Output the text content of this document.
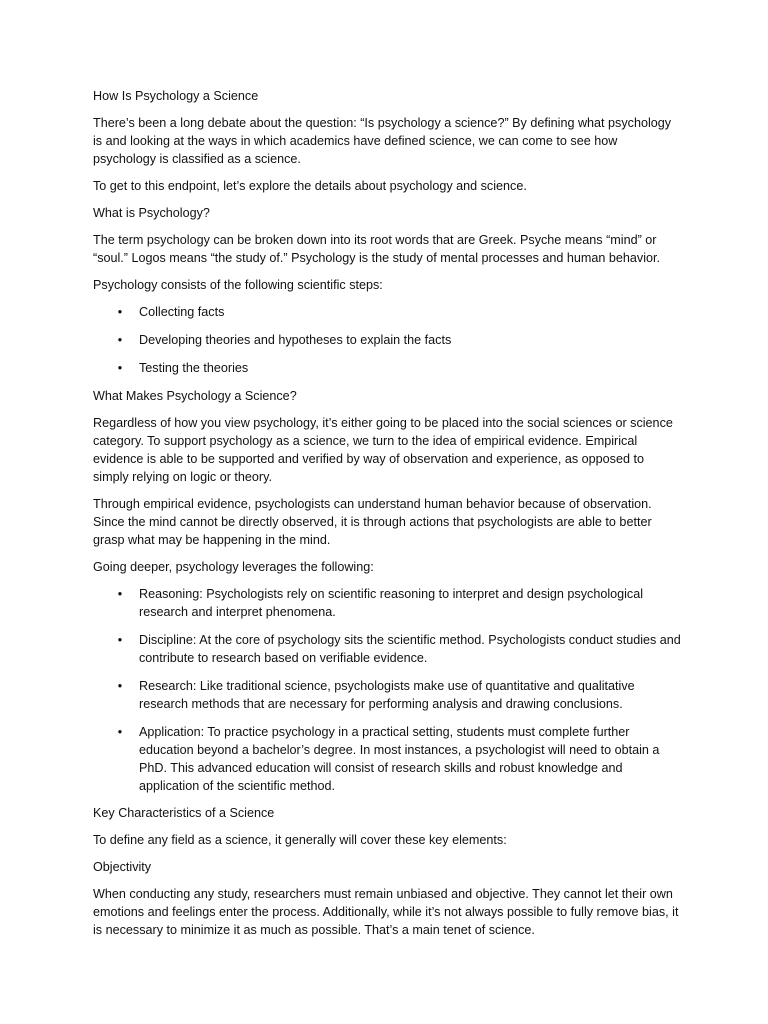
How Is Psychology a Science

There’s been a long debate about the question: “Is psychology a science?” By defining what psychology is and looking at the ways in which academics have defined science, we can come to see how psychology is classified as a science.

To get to this endpoint, let’s explore the details about psychology and science.

What is Psychology?

The term psychology can be broken down into its root words that are Greek. Psyche means “mind” or “soul.” Logos means “the study of.” Psychology is the study of mental processes and human behavior.

Psychology consists of the following scientific steps:

• Collecting facts
• Developing theories and hypotheses to explain the facts
• Testing the theories

What Makes Psychology a Science?

Regardless of how you view psychology, it’s either going to be placed into the social sciences or science category. To support psychology as a science, we turn to the idea of empirical evidence. Empirical evidence is able to be supported and verified by way of observation and experience, as opposed to simply relying on logic or theory.

Through empirical evidence, psychologists can understand human behavior because of observation. Since the mind cannot be directly observed, it is through actions that psychologists are able to better grasp what may be happening in the mind.

Going deeper, psychology leverages the following:

• Reasoning: Psychologists rely on scientific reasoning to interpret and design psychological research and interpret phenomena.
• Discipline: At the core of psychology sits the scientific method. Psychologists conduct studies and contribute to research based on verifiable evidence.
• Research: Like traditional science, psychologists make use of quantitative and qualitative research methods that are necessary for performing analysis and drawing conclusions.
• Application: To practice psychology in a practical setting, students must complete further education beyond a bachelor’s degree. In most instances, a psychologist will need to obtain a PhD. This advanced education will consist of research skills and robust knowledge and application of the scientific method.

Key Characteristics of a Science

To define any field as a science, it generally will cover these key elements:

Objectivity

When conducting any study, researchers must remain unbiased and objective. They cannot let their own emotions and feelings enter the process. Additionally, while it’s not always possible to fully remove bias, it is necessary to minimize it as much as possible. That’s a main tenet of science.
